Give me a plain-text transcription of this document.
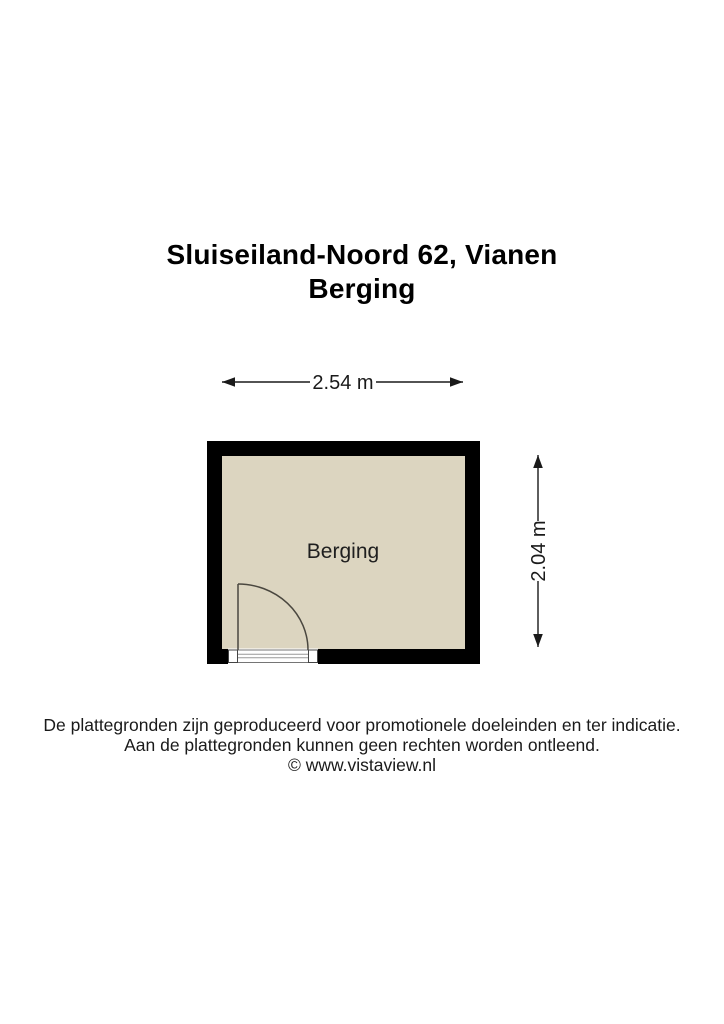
Sluiseiland-Noord 62, Vianen
Berging
2.54 m
Berging	2.04 m
De plattegronden zijn geproduceerd voor promotionele doeleinden en ter indicatie.
Aan de plattegronden kunnen geen rechten worden ontleend.
© www.vistaview.nl
